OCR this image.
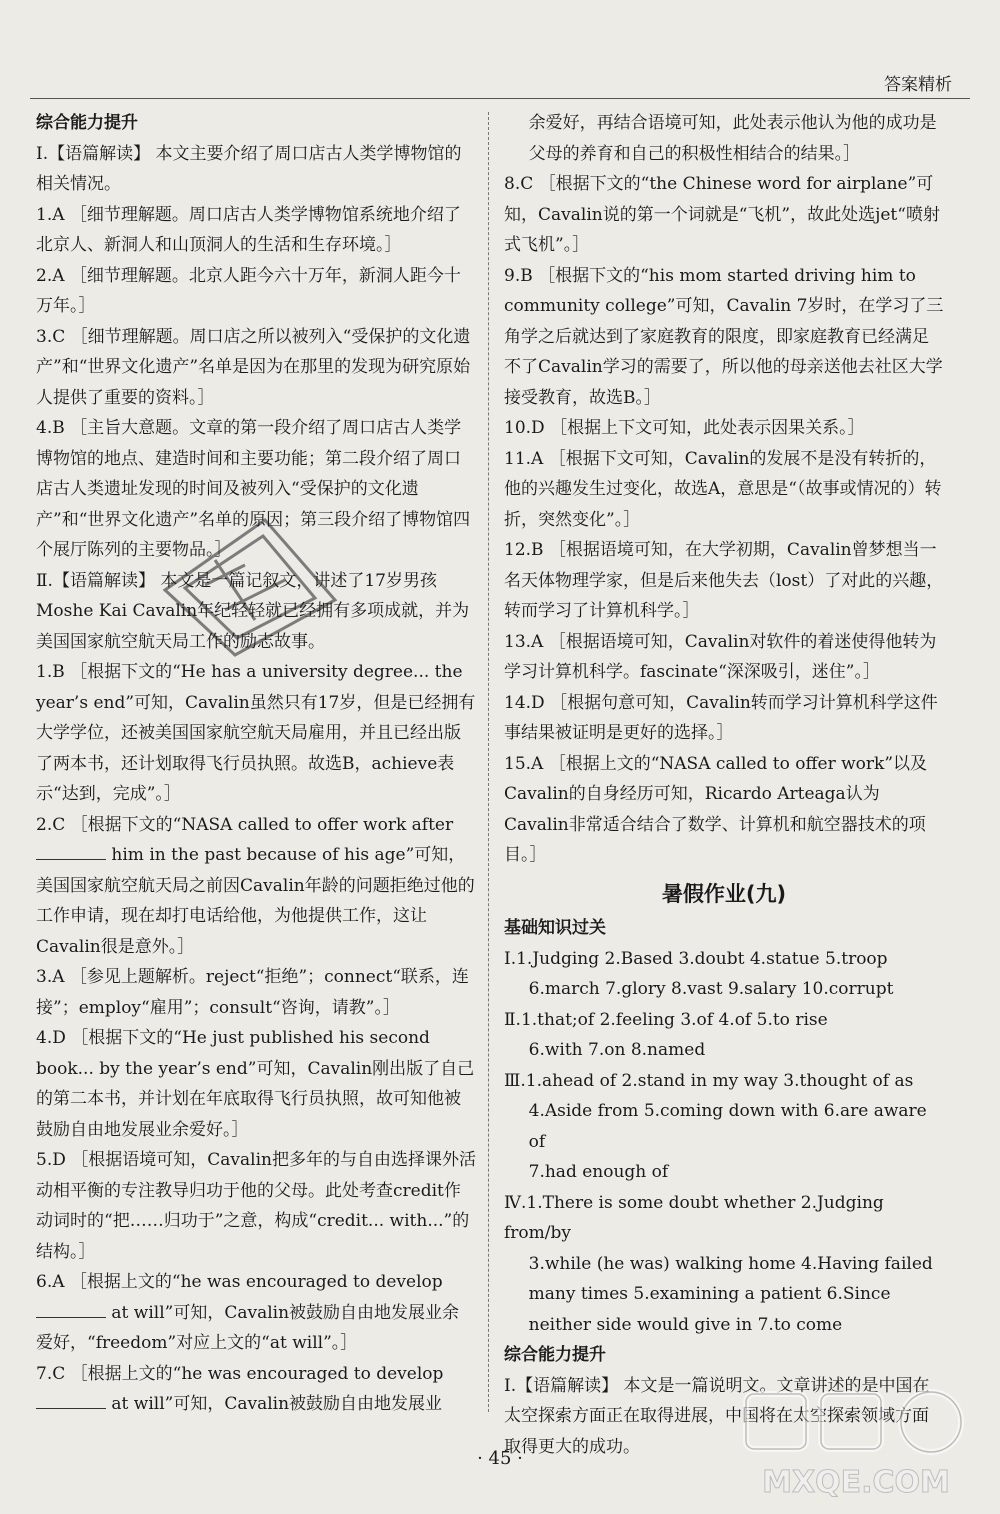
答案精析

综合能力提升

Ⅰ.【语篇解读】 本文主要介绍了周口店古人类学博物馆的相关情况。

1.A ［细节理解题。周口店古人类学博物馆系统地介绍了北京人、新洞人和山顶洞人的生活和生存环境。］

2.A ［细节理解题。北京人距今六十万年，新洞人距今十万年。］

3.C ［细节理解题。周口店之所以被列入“受保护的文化遗产”和“世界文化遗产”名单是因为在那里的发现为研究原始人提供了重要的资料。］

4.B ［主旨大意题。文章的第一段介绍了周口店古人类学博物馆的地点、建造时间和主要功能；第二段介绍了周口店古人类遗址发现的时间及被列入“受保护的文化遗产”和“世界文化遗产”名单的原因；第三段介绍了博物馆四个展厅陈列的主要物品。］

Ⅱ.【语篇解读】 本文是一篇记叙文，讲述了17岁男孩Moshe Kai Cavalin年纪轻轻就已经拥有多项成就，并为美国国家航空航天局工作的励志故事。

1.B ［根据下文的“He has a university degree... the year’s end”可知，Cavalin虽然只有17岁，但是已经拥有大学学位，还被美国国家航空航天局雇用，并且已经出版了两本书，还计划取得飞行员执照。故选B，achieve表示“达到，完成”。］

2.C ［根据下文的“NASA called to offer work after
him in the past because of his age”可知，美国国家航空航天局之前因Cavalin年龄的问题拒绝过他的工作申请，现在却打电话给他，为他提供工作，这让Cavalin很是意外。］

3.A ［参见上题解析。reject“拒绝”；connect“联系，连接”；employ“雇用”；consult“咨询，请教”。］

4.D ［根据下文的“He just published his second book... by the year’s end”可知，Cavalin刚出版了自己的第二本书，并计划在年底取得飞行员执照，故可知他被鼓励自由地发展业余爱好。］

5.D ［根据语境可知，Cavalin把多年的与自由选择课外活动相平衡的专注教导归功于他的父母。此处考查credit作动词时的“把……归功于”之意，构成“credit... with...”的结构。］

6.A ［根据上文的“he was encouraged to develop
at will”可知，Cavalin被鼓励自由地发展业余爱好，“freedom”对应上文的“at will”。］

7.C ［根据上文的“he was encouraged to develop
at will”可知，Cavalin被鼓励自由地发展业

余爱好，再结合语境可知，此处表示他认为他的成功是父母的养育和自己的积极性相结合的结果。］

8.C ［根据下文的“the Chinese word for airplane”可知，Cavalin说的第一个词就是“飞机”，故此处选jet“喷射式飞机”。］

9.B ［根据下文的“his mom started driving him to community college”可知，Cavalin 7岁时，在学习了三角学之后就达到了家庭教育的限度，即家庭教育已经满足不了Cavalin学习的需要了，所以他的母亲送他去社区大学接受教育，故选B。］

10.D ［根据上下文可知，此处表示因果关系。］

11.A ［根据下文可知，Cavalin的发展不是没有转折的，他的兴趣发生过变化，故选A，意思是“（故事或情况的）转折，突然变化”。］

12.B ［根据语境可知，在大学初期，Cavalin曾梦想当一名天体物理学家，但是后来他失去（lost）了对此的兴趣，转而学习了计算机科学。］

13.A ［根据语境可知，Cavalin对软件的着迷使得他转为学习计算机科学。fascinate“深深吸引，迷住”。］

14.D ［根据句意可知，Cavalin转而学习计算机科学这件事结果被证明是更好的选择。］

15.A ［根据上文的“NASA called to offer work”以及Cavalin的自身经历可知，Ricardo Arteaga认为Cavalin非常适合结合了数学、计算机和航空器技术的项目。］

暑假作业(九)

基础知识过关

Ⅰ.1.Judging 2.Based 3.doubt 4.statue 5.troop

6.march 7.glory 8.vast 9.salary 10.corrupt

Ⅱ.1.that;of 2.feeling 3.of 4.of 5.to rise

6.with 7.on 8.named

Ⅲ.1.ahead of 2.stand in my way 3.thought of as

4.Aside from 5.coming down with 6.are aware of

7.had enough of

Ⅳ.1.There is some doubt whether 2.Judging from/by

3.while (he was) walking home 4.Having failed many times 5.examining a patient 6.Since neither side would give in 7.to come

综合能力提升

Ⅰ.【语篇解读】 本文是一篇说明文。文章讲述的是中国在太空探索方面正在取得进展，中国将在太空探索领域方面取得更大的成功。

MXQE.COM
· 45 ·
